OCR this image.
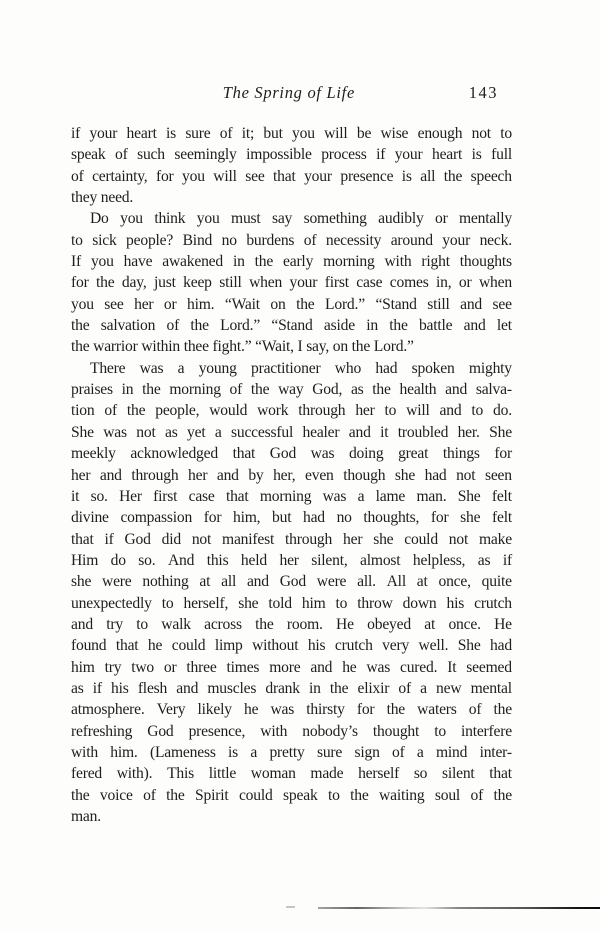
The Spring of Life	143
if your heart is sure of it; but you will be wise enough not to
speak of such seemingly impossible process if your heart is full
of certainty, for you will see that your presence is all the speech
they need.
Do you think you must say something audibly or mentally
to sick people? Bind no burdens of necessity around your neck.
If you have awakened in the early morning with right thoughts
for the day, just keep still when your first case comes in, or when
you see her or him. “Wait on the Lord.” “Stand still and see
the salvation of the Lord.” “Stand aside in the battle and let
the warrior within thee fight.” “Wait, I say, on the Lord.”
There was a young practitioner who had spoken mighty
praises in the morning of the way God, as the health and salva-
tion of the people, would work through her to will and to do.
She was not as yet a successful healer and it troubled her. She
meekly acknowledged that God was doing great things for
her and through her and by her, even though she had not seen
it so. Her first case that morning was a lame man. She felt
divine compassion for him, but had no thoughts, for she felt
that if God did not manifest through her she could not make
Him do so. And this held her silent, almost helpless, as if
she were nothing at all and God were all. All at once, quite
unexpectedly to herself, she told him to throw down his crutch
and try to walk across the room. He obeyed at once. He
found that he could limp without his crutch very well. She had
him try two or three times more and he was cured. It seemed
as if his flesh and muscles drank in the elixir of a new mental
atmosphere. Very likely he was thirsty for the waters of the
refreshing God presence, with nobody’s thought to interfere
with him. (Lameness is a pretty sure sign of a mind inter-
fered with). This little woman made herself so silent that
the voice of the Spirit could speak to the waiting soul of the
man.
